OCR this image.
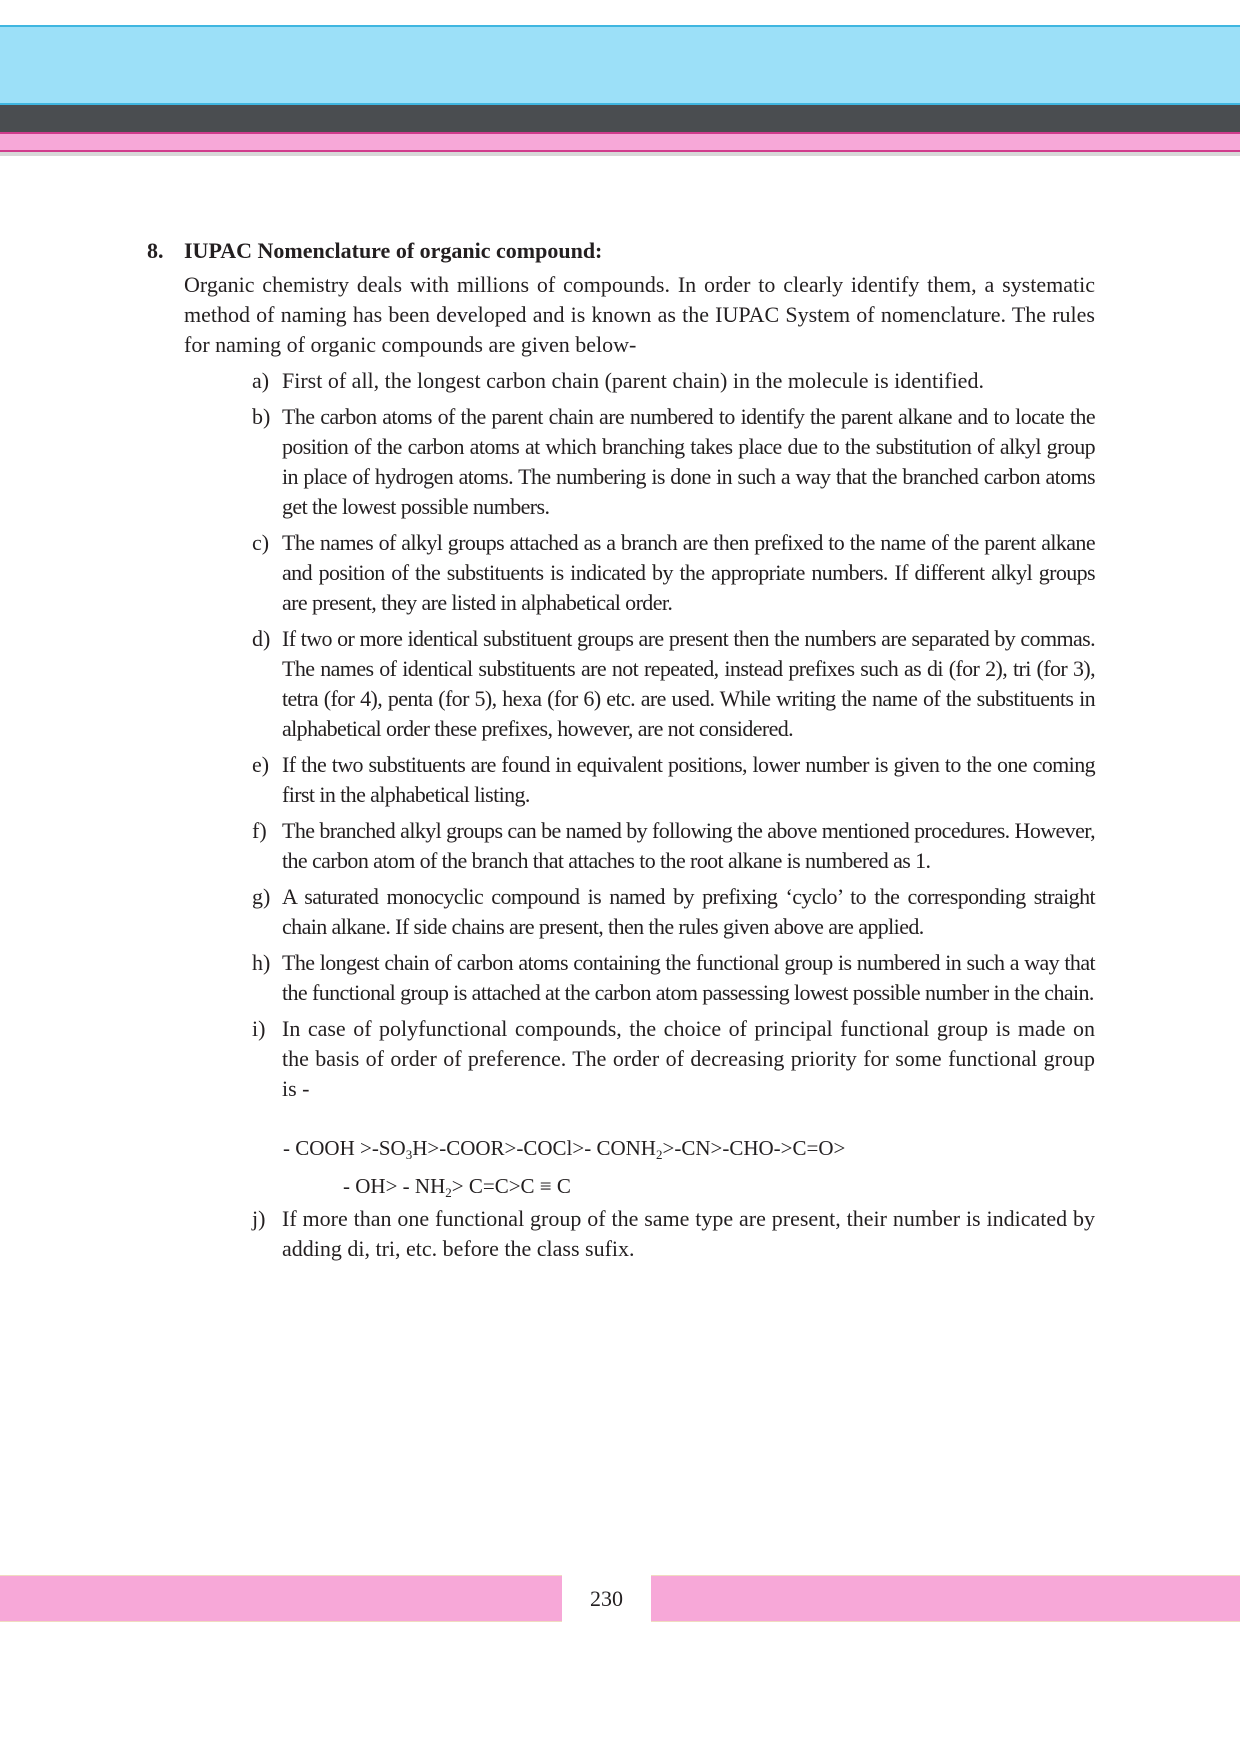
8. IUPAC Nomenclature of organic compound:
Organic chemistry deals with millions of compounds. In order to clearly identify them, a systematic method of naming has been developed and is known as the IUPAC System of nomenclature. The rules for naming of organic compounds are given below-
a) First of all, the longest carbon chain (parent chain) in the molecule is identified.
b) The carbon atoms of the parent chain are numbered to identify the parent alkane and to locate the position of the carbon atoms at which branching takes place due to the substitution of alkyl group in place of hydrogen atoms. The numbering is done in such a way that the branched carbon atoms get the lowest possible numbers.
c) The names of alkyl groups attached as a branch are then prefixed to the name of the parent alkane and position of the substituents is indicated by the appropriate numbers. If different alkyl groups are present, they are listed in alphabetical order.
d) If two or more identical substituent groups are present then the numbers are separated by commas. The names of identical substituents are not repeated, instead prefixes such as di (for 2), tri (for 3), tetra (for 4), penta (for 5), hexa (for 6) etc. are used. While writing the name of the substituents in alphabetical order these prefixes, however, are not considered.
e) If the two substituents are found in equivalent positions, lower number is given to the one coming first in the alphabetical listing.
f) The branched alkyl groups can be named by following the above mentioned procedures. However, the carbon atom of the branch that attaches to the root alkane is numbered as 1.
g) A saturated monocyclic compound is named by prefixing ‘cyclo’ to the corresponding straight chain alkane. If side chains are present, then the rules given above are applied.
h) The longest chain of carbon atoms containing the functional group is numbered in such a way that the functional group is attached at the carbon atom passessing lowest possible number in the chain.
i) In case of polyfunctional compounds, the choice of principal functional group is made on the basis of order of preference. The order of decreasing priority for some functional group is -
- COOH $>-SO_3H>-COOR>-COCl>-$ $CONH_2>-CN>-CHO->C=O>$
- $OH> - NH_2> C=C>C \equiv C$
j) If more than one functional group of the same type are present, their number is indicated by adding di, tri, etc. before the class sufix.
230
